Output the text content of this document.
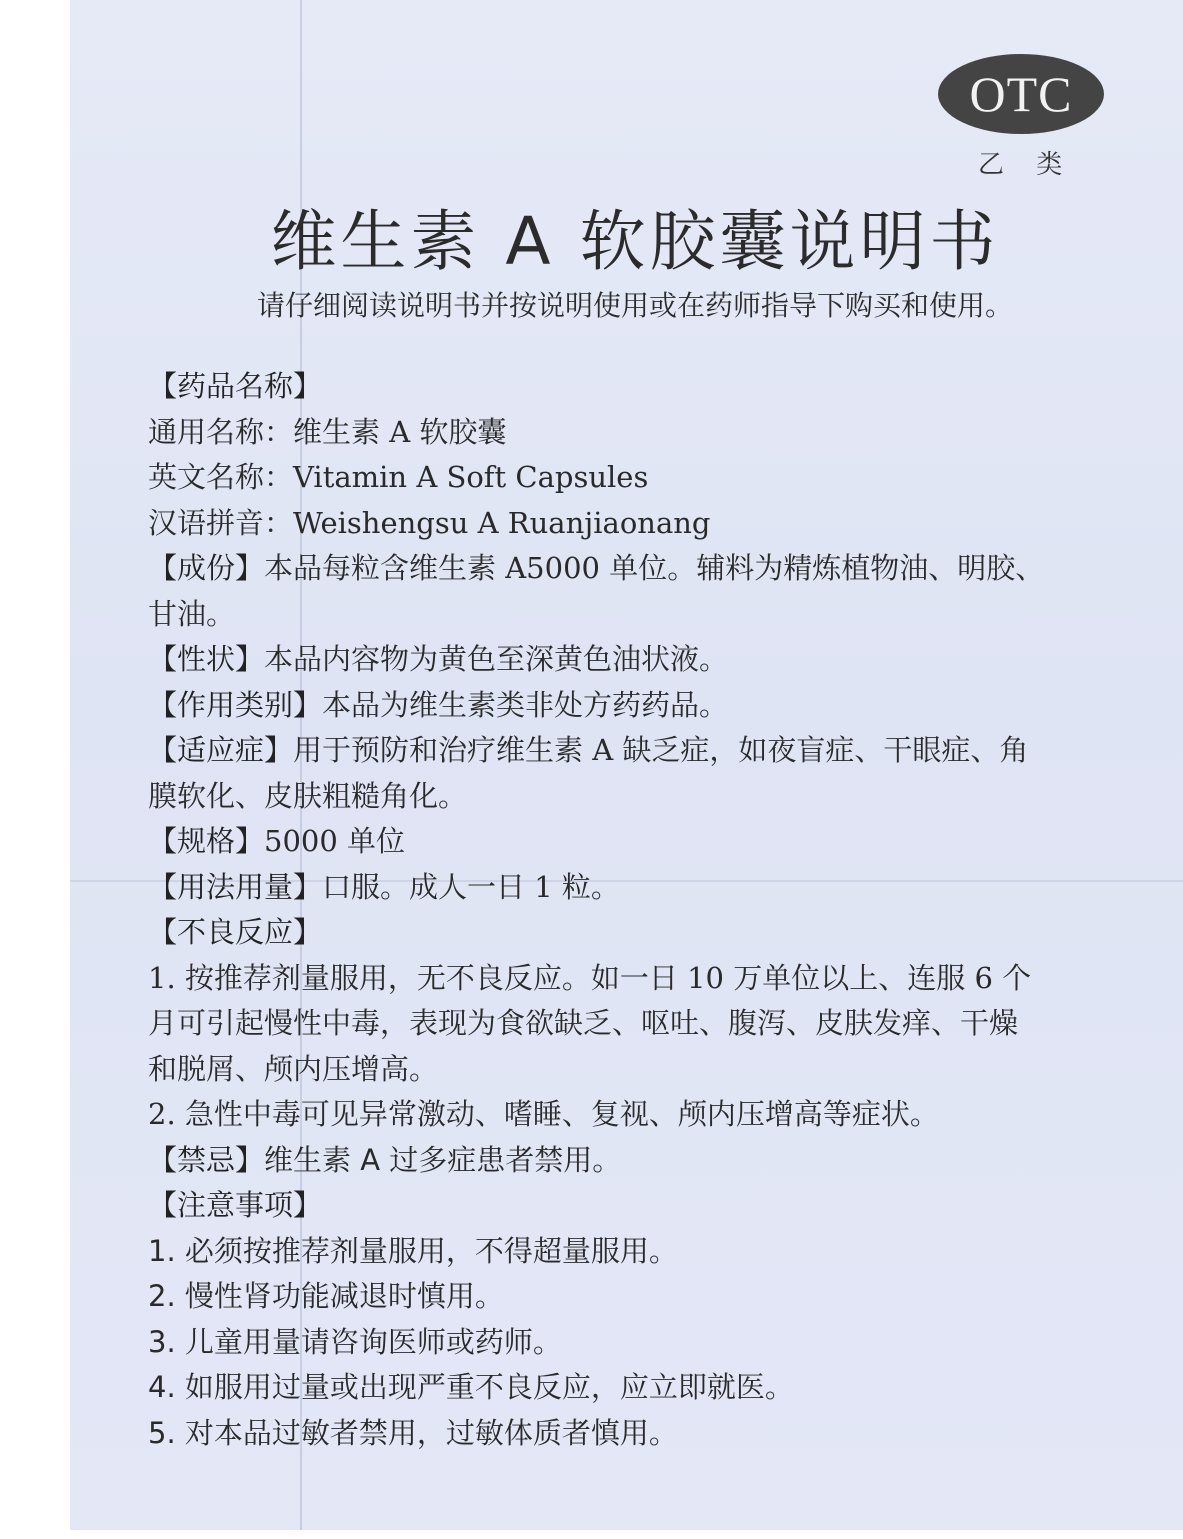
OTC
乙 类
维生素 A 软胶囊说明书
请仔细阅读说明书并按说明使用或在药师指导下购买和使用。
【药品名称】
通用名称：维生素 A 软胶囊
英文名称：Vitamin A Soft Capsules
汉语拼音：Weishengsu A Ruanjiaonang
【成份】本品每粒含维生素 A5000 单位。辅料为精炼植物油、明胶、
甘油。
【性状】本品内容物为黄色至深黄色油状液。
【作用类别】本品为维生素类非处方药药品。
【适应症】用于预防和治疗维生素 A 缺乏症，如夜盲症、干眼症、角
膜软化、皮肤粗糙角化。
【规格】5000 单位
【用法用量】口服。成人一日 1 粒。
【不良反应】
1. 按推荐剂量服用，无不良反应。如一日 10 万单位以上、连服 6 个
月可引起慢性中毒，表现为食欲缺乏、呕吐、腹泻、皮肤发痒、干燥
和脱屑、颅内压增高。
2. 急性中毒可见异常激动、嗜睡、复视、颅内压增高等症状。
【禁忌】维生素 A 过多症患者禁用。
【注意事项】
1. 必须按推荐剂量服用，不得超量服用。
2. 慢性肾功能减退时慎用。
3. 儿童用量请咨询医师或药师。
4. 如服用过量或出现严重不良反应，应立即就医。
5. 对本品过敏者禁用，过敏体质者慎用。
